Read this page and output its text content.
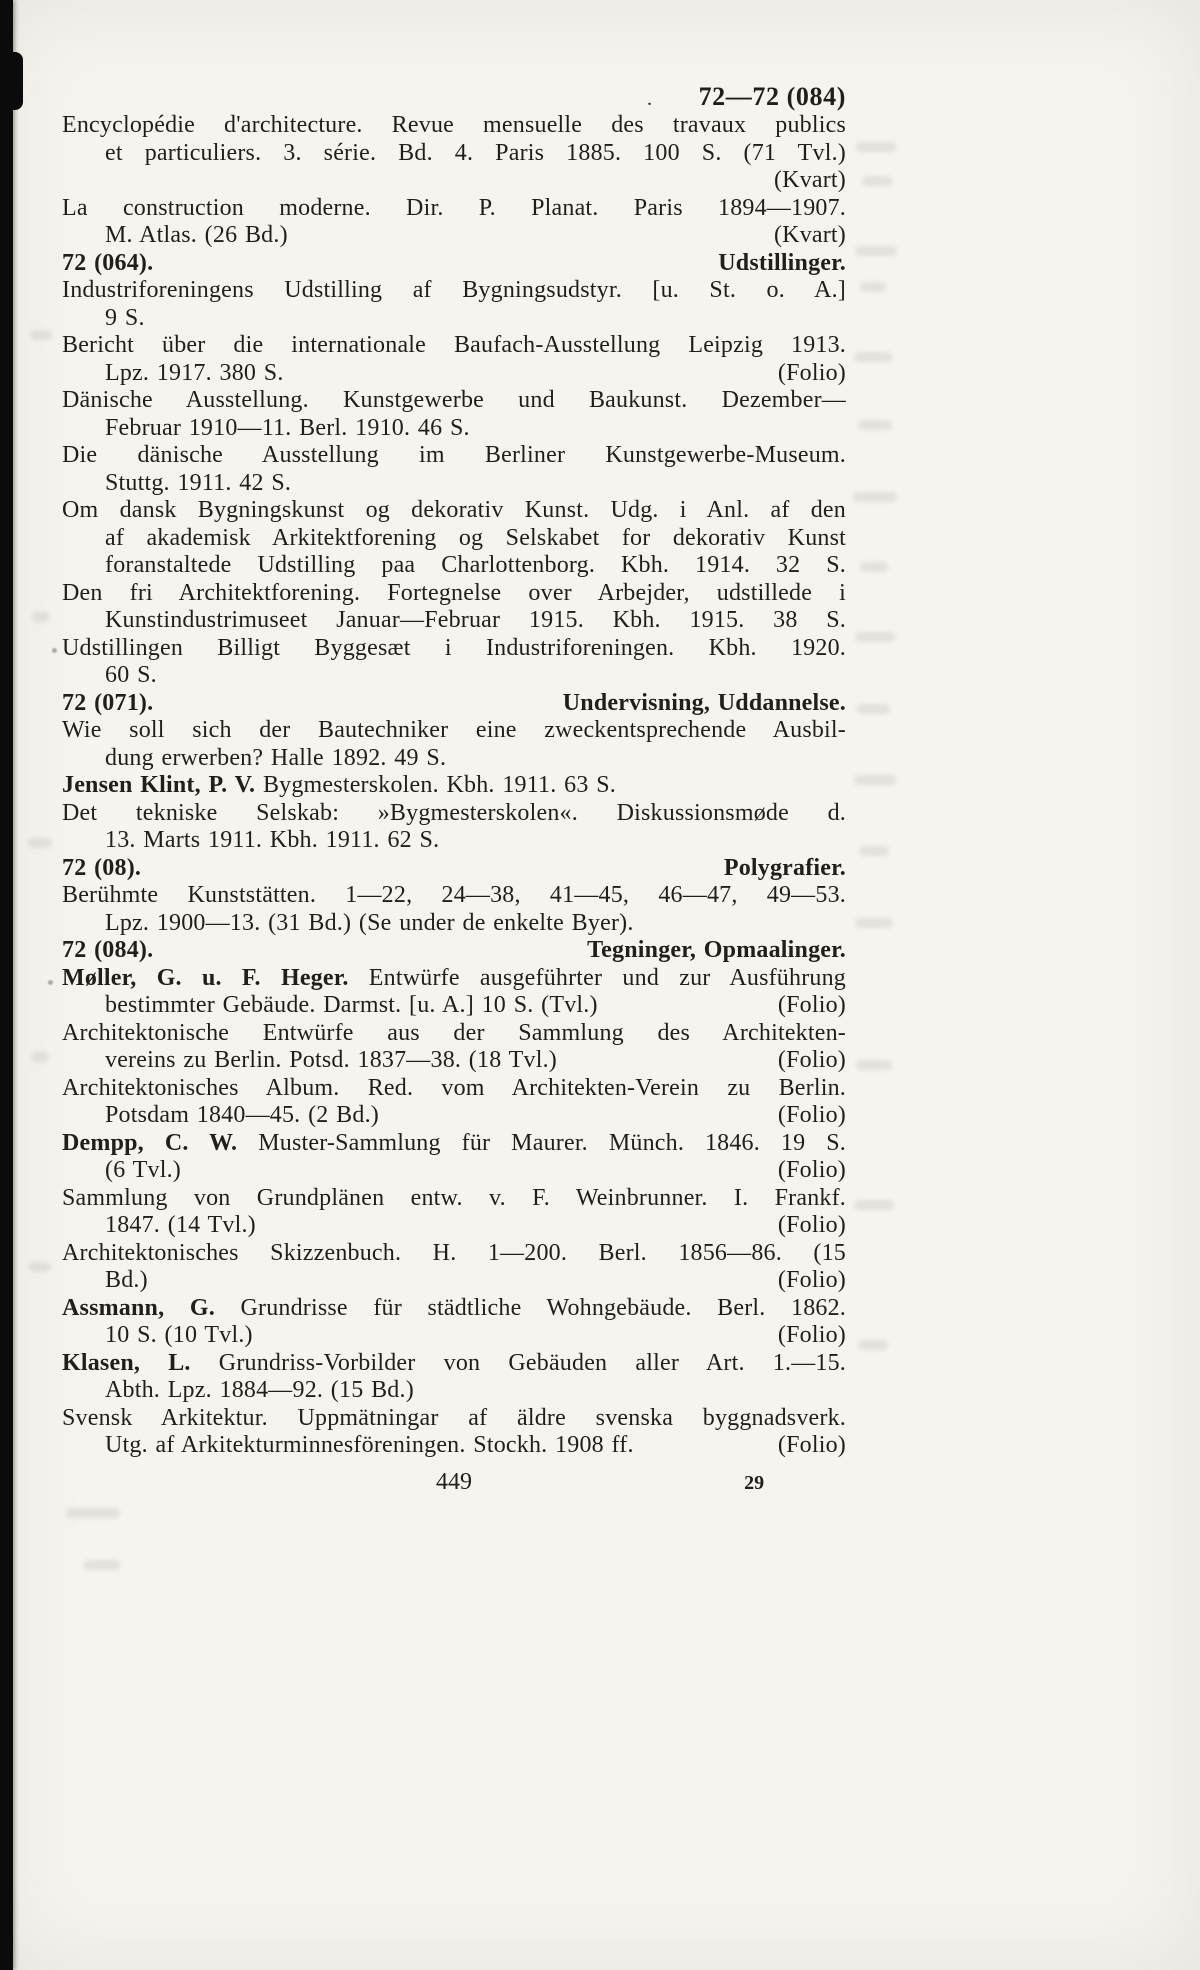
. 72—72 (084)
Encyclopédie d'architecture. Revue mensuelle des travaux publics
et particuliers. 3. série. Bd. 4. Paris 1885. 100 S. (71 Tvl.)
(Kvart)
La construction moderne. Dir. P. Planat. Paris 1894—1907.
M. Atlas. (26 Bd.)	(Kvart)
72 (064).	Udstillinger.
Industriforeningens Udstilling af Bygningsudstyr. [u. St. o. A.]
9 S.
Bericht über die internationale Baufach-Ausstellung Leipzig 1913.
Lpz. 1917. 380 S.	(Folio)
Dänische Ausstellung. Kunstgewerbe und Baukunst. Dezember—
Februar 1910—11. Berl. 1910. 46 S.
Die dänische Ausstellung im Berliner Kunstgewerbe-Museum.
Stuttg. 1911. 42 S.
Om dansk Bygningskunst og dekorativ Kunst. Udg. i Anl. af den
af akademisk Arkitektforening og Selskabet for dekorativ Kunst
foranstaltede Udstilling paa Charlottenborg. Kbh. 1914. 32 S.
Den fri Architektforening. Fortegnelse over Arbejder, udstillede i
Kunstindustrimuseet Januar—Februar 1915. Kbh. 1915. 38 S.
Udstillingen Billigt Byggesæt i Industriforeningen. Kbh. 1920.
60 S.
72 (071).	Undervisning, Uddannelse.
Wie soll sich der Bautechniker eine zweckentsprechende Ausbil-
dung erwerben? Halle 1892. 49 S.
Jensen Klint, P. V. Bygmesterskolen. Kbh. 1911. 63 S.
Det tekniske Selskab: »Bygmesterskolen«. Diskussionsmøde d.
13. Marts 1911. Kbh. 1911. 62 S.
72 (08).	Polygrafier.
Berühmte Kunststätten. 1—22, 24—38, 41—45, 46—47, 49—53.
Lpz. 1900—13. (31 Bd.) (Se under de enkelte Byer).
72 (084).	Tegninger, Opmaalinger.
Møller, G. u. F. Heger. Entwürfe ausgeführter und zur Ausführung
bestimmter Gebäude. Darmst. [u. A.] 10 S. (Tvl.)	(Folio)
Architektonische Entwürfe aus der Sammlung des Architekten-
vereins zu Berlin. Potsd. 1837—38. (18 Tvl.)	(Folio)
Architektonisches Album. Red. vom Architekten-Verein zu Berlin.
Potsdam 1840—45. (2 Bd.)	(Folio)
Dempp, C. W. Muster-Sammlung für Maurer. Münch. 1846. 19 S.
(6 Tvl.)	(Folio)
Sammlung von Grundplänen entw. v. F. Weinbrunner. I. Frankf.
1847. (14 Tvl.)	(Folio)
Architektonisches Skizzenbuch. H. 1—200. Berl. 1856—86. (15
Bd.)	(Folio)
Assmann, G. Grundrisse für städtliche Wohngebäude. Berl. 1862.
10 S. (10 Tvl.)	(Folio)
Klasen, L. Grundriss-Vorbilder von Gebäuden aller Art. 1.—15.
Abth. Lpz. 1884—92. (15 Bd.)
Svensk Arkitektur. Uppmätningar af äldre svenska byggnadsverk.
Utg. af Arkitekturminnesföreningen. Stockh. 1908 ff.	(Folio)
449	29
